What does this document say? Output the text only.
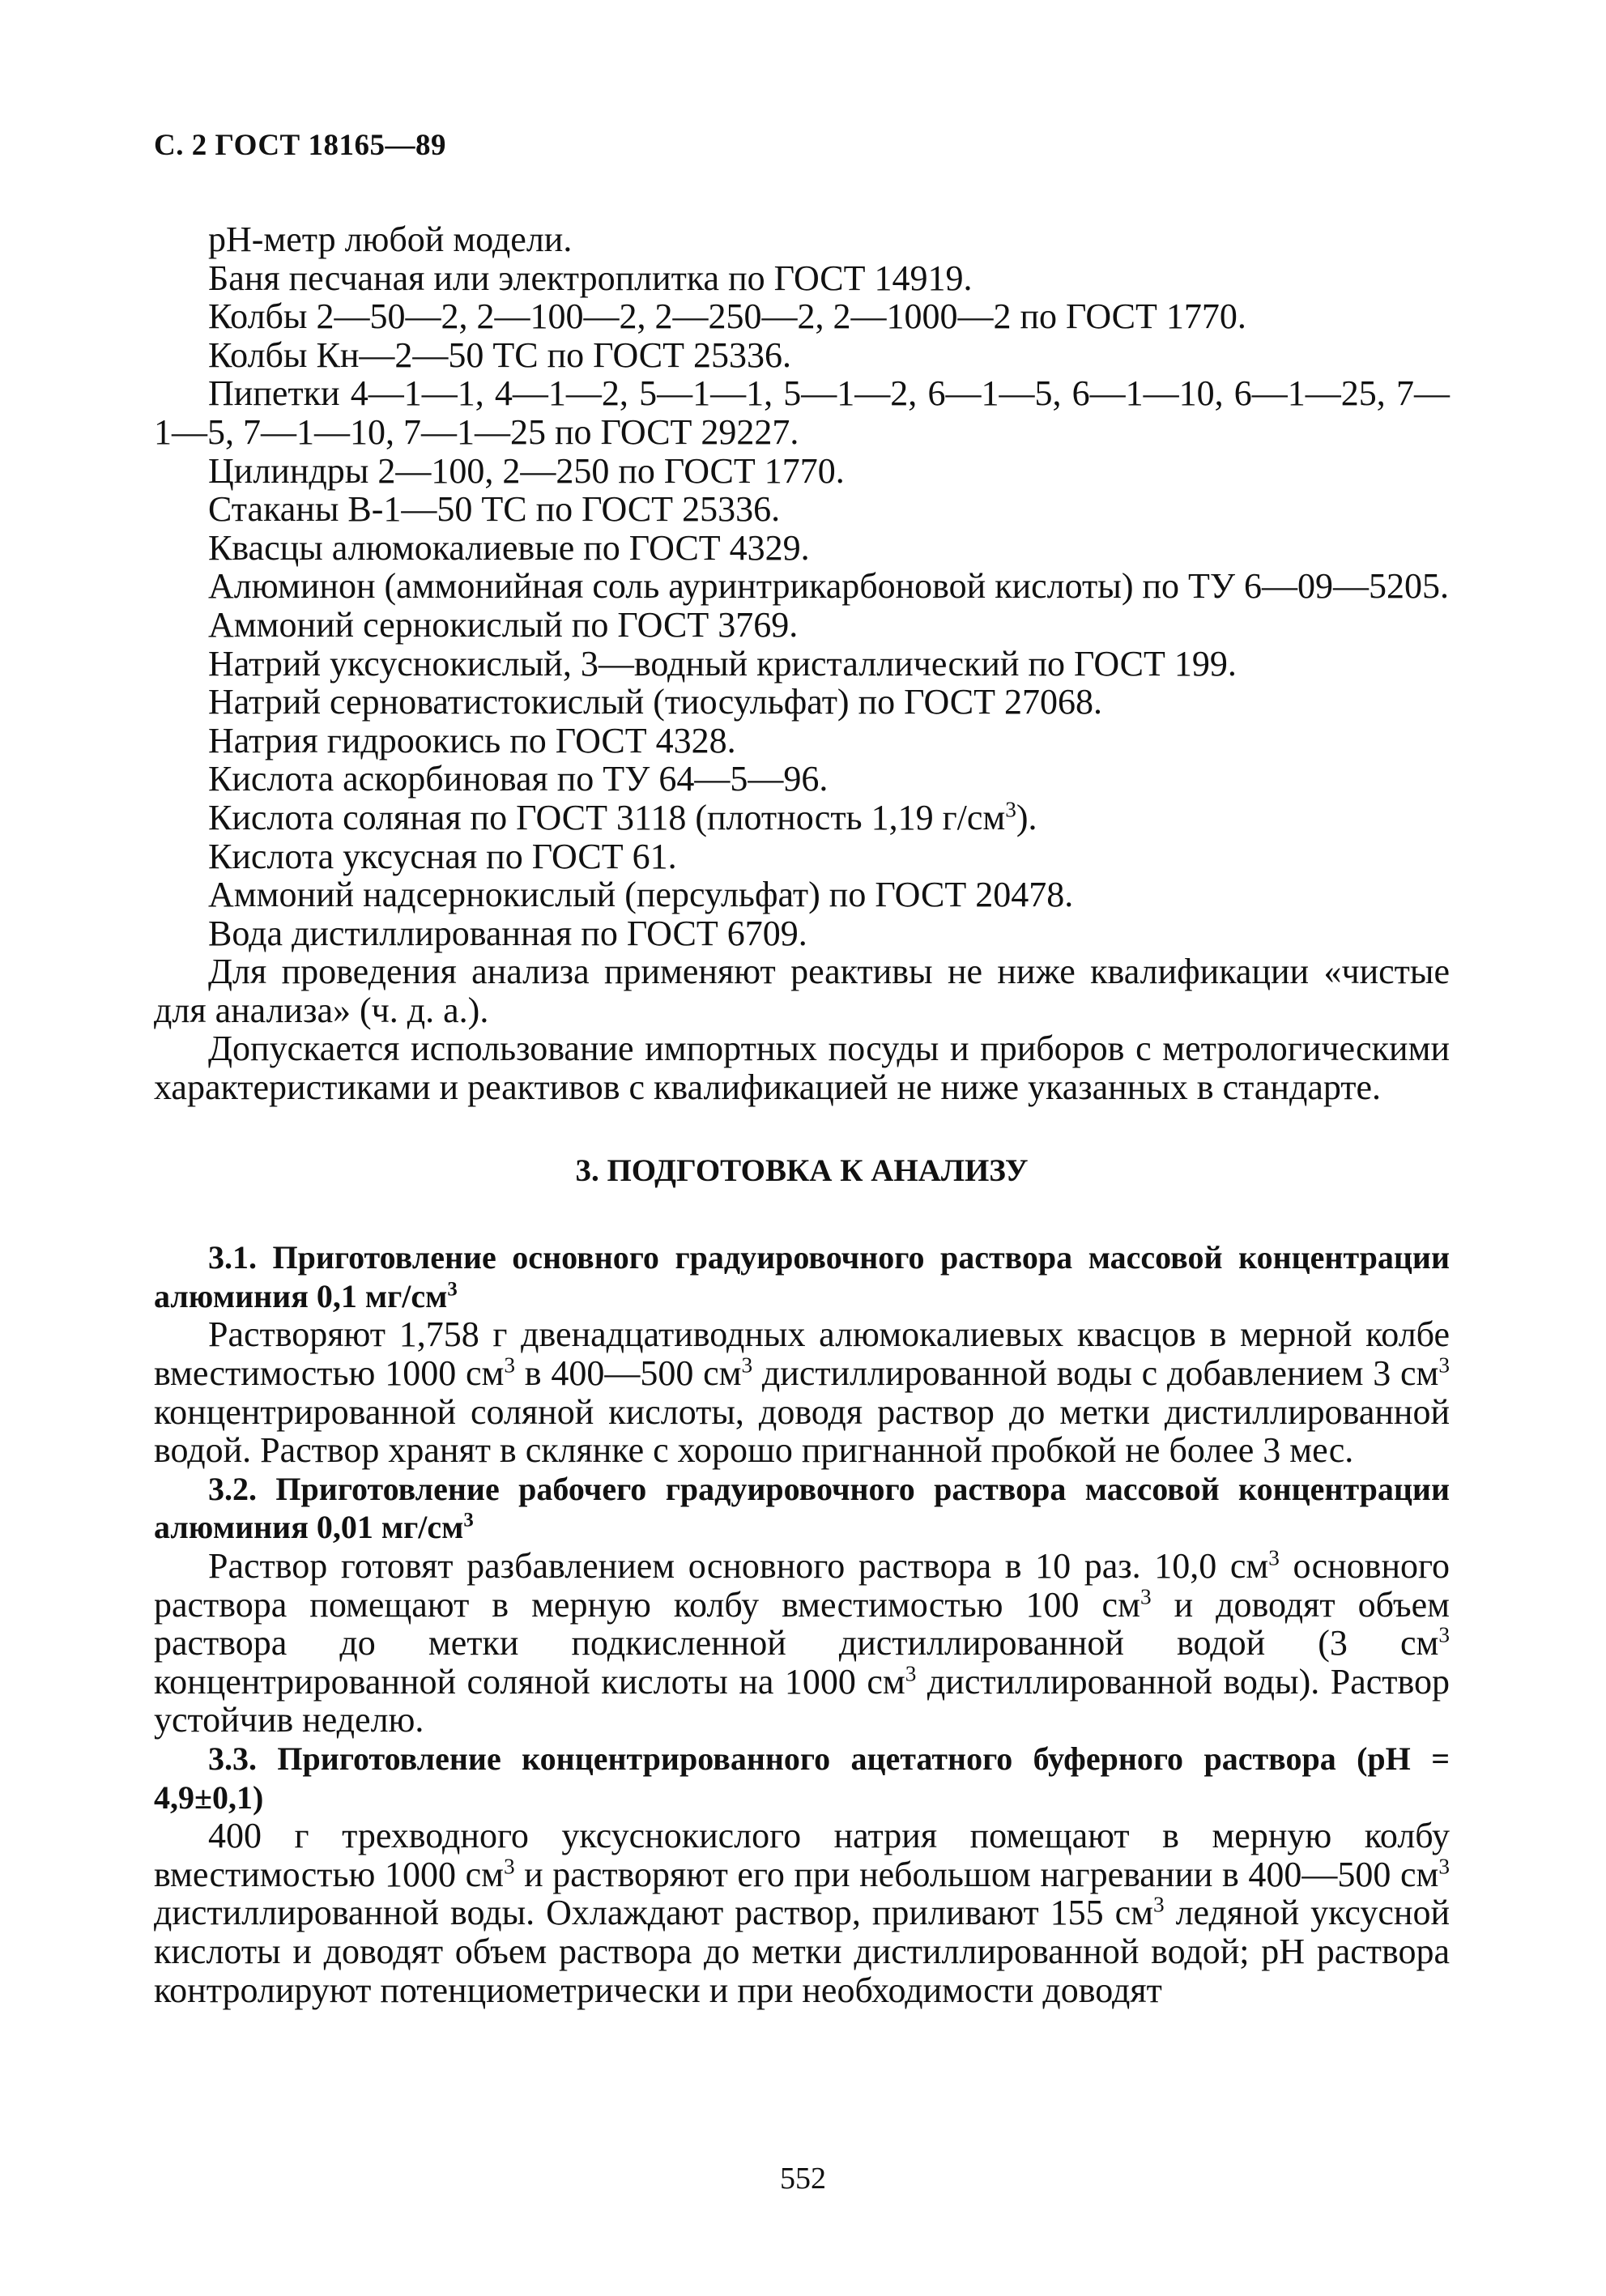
С. 2 ГОСТ 18165—89

рН-метр любой модели.

Баня песчаная или электроплитка по ГОСТ 14919.

Колбы 2—50—2, 2—100—2, 2—250—2, 2—1000—2 по ГОСТ 1770.

Колбы Кн—2—50 ТС по ГОСТ 25336.

Пипетки 4—1—1, 4—1—2, 5—1—1, 5—1—2, 6—1—5, 6—1—10, 6—1—25, 7—1—5, 7—1—10, 7—1—25 по ГОСТ 29227.

Цилиндры 2—100, 2—250 по ГОСТ 1770.

Стаканы В-1—50 ТС по ГОСТ 25336.

Квасцы алюмокалиевые по ГОСТ 4329.

Алюминон (аммонийная соль ауринтрикарбоновой кислоты) по ТУ 6—09—5205.

Аммоний сернокислый по ГОСТ 3769.

Натрий уксуснокислый, 3—водный кристаллический по ГОСТ 199.

Натрий серноватистокислый (тиосульфат) по ГОСТ 27068.

Натрия гидроокись по ГОСТ 4328.

Кислота аскорбиновая по ТУ 64—5—96.

Кислота соляная по ГОСТ 3118 (плотность 1,19 $г/см^3$).

Кислота уксусная по ГОСТ 61.

Аммоний надсернокислый (персульфат) по ГОСТ 20478.

Вода дистиллированная по ГОСТ 6709.

Для проведения анализа применяют реактивы не ниже квалификации «чистые для анализа» (ч. д. а.).

Допускается использование импортных посуды и приборов с метрологическими характеристиками и реактивов с квалификацией не ниже указанных в стандарте.

3. ПОДГОТОВКА К АНАЛИЗУ

3.1. Приготовление основного градуировочного раствора массовой концентрации алюминия 0,1 $мг/см^3$

Растворяют 1,758 г двенадцативодных алюмокалиевых квасцов в мерной колбе вместимостью 1000 $см^3$ в 400—500 $см^3$ дистиллированной воды с добавлением 3 $см^3$ концентрированной соляной кислоты, доводя раствор до метки дистиллированной водой. Раствор хранят в склянке с хорошо пригнанной пробкой не более 3 мес.

3.2. Приготовление рабочего градуировочного раствора массовой концентрации алюминия 0,01 $мг/см^3$

Раствор готовят разбавлением основного раствора в 10 раз. 10,0 $см^3$ основного раствора помещают в мерную колбу вместимостью 100 $см^3$ и доводят объем раствора до метки подкисленной дистиллированной водой (3 $см^3$ концентрированной соляной кислоты на 1000 $см^3$ дистиллированной воды). Раствор устойчив неделю.

3.3. Приготовление концентрированного ацетатного буферного раствора (рН = 4,9±0,1)

400 г трехводного уксуснокислого натрия помещают в мерную колбу вместимостью 1000 $см^3$ и растворяют его при небольшом нагревании в 400—500 $см^3$ дистиллированной воды. Охлаждают раствор, приливают 155 $см^3$ ледяной уксусной кислоты и доводят объем раствора до метки дистиллированной водой; рН раствора контролируют потенциометрически и при необходимости доводят

552
